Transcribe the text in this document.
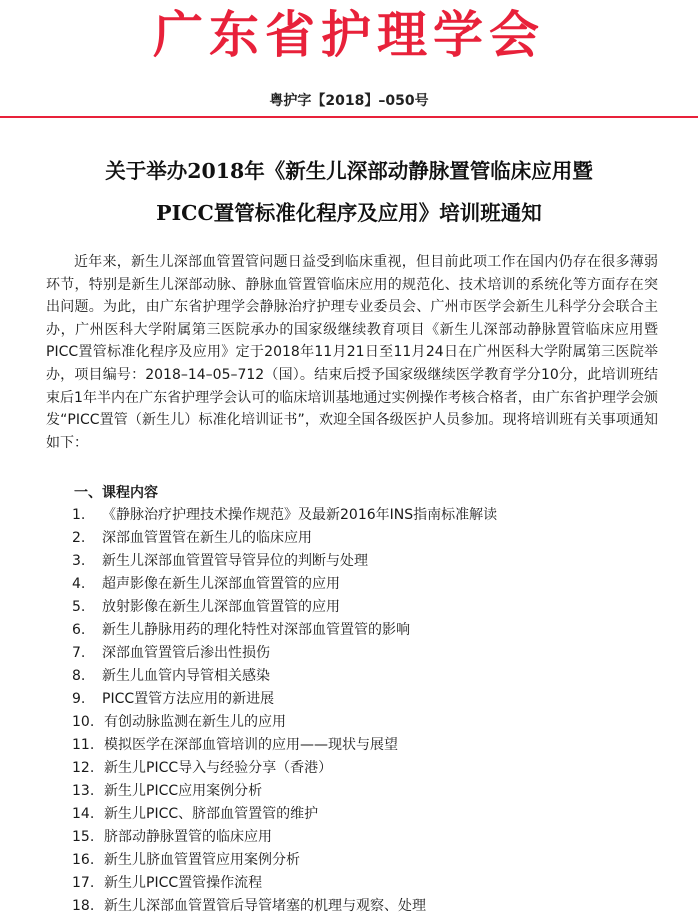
广东省护理学会
粤护字【2018】–050号
关于举办2018年《新生儿深部动静脉置管临床应用暨
PICC置管标准化程序及应用》培训班通知

近年来，新生儿深部血管置管问题日益受到临床重视，但目前此项工作在国内仍存在很多薄弱环节，特别是新生儿深部动脉、静脉血管置管临床应用的规范化、技术培训的系统化等方面存在突出问题。为此，由广东省护理学会静脉治疗护理专业委员会、广州市医学会新生儿科学分会联合主办，广州医科大学附属第三医院承办的国家级继续教育项目《新生儿深部动静脉置管临床应用暨PICC置管标准化程序及应用》定于2018年11月21日至11月24日在广州医科大学附属第三医院举办，项目编号：2018–14–05–712（国）。结束后授予国家级继续医学教育学分10分，此培训班结束后1年半内在广东省护理学会认可的临床培训基地通过实例操作考核合格者，由广东省护理学会颁发“PICC置管（新生儿）标准化培训证书”，欢迎全国各级医护人员参加。现将培训班有关事项通知如下：

一、课程内容
1.	《静脉治疗护理技术操作规范》及最新2016年INS指南标准解读
2.	深部血管置管在新生儿的临床应用
3.	新生儿深部血管置管导管异位的判断与处理
4.	超声影像在新生儿深部血管置管的应用
5.	放射影像在新生儿深部血管置管的应用
6.	新生儿静脉用药的理化特性对深部血管置管的影响
7.	深部血管置管后渗出性损伤
8.	新生儿血管内导管相关感染
9.	PICC置管方法应用的新进展
10. 有创动脉监测在新生儿的应用
11. 模拟医学在深部血管培训的应用——现状与展望
12. 新生儿PICC导入与经验分享（香港）
13. 新生儿PICC应用案例分析
14. 新生儿PICC、脐部血管置管的维护
15. 脐部动静脉置管的临床应用
16. 新生儿脐血管置管应用案例分析
17. 新生儿PICC置管操作流程
18. 新生儿深部血管置管后导管堵塞的机理与观察、处理
